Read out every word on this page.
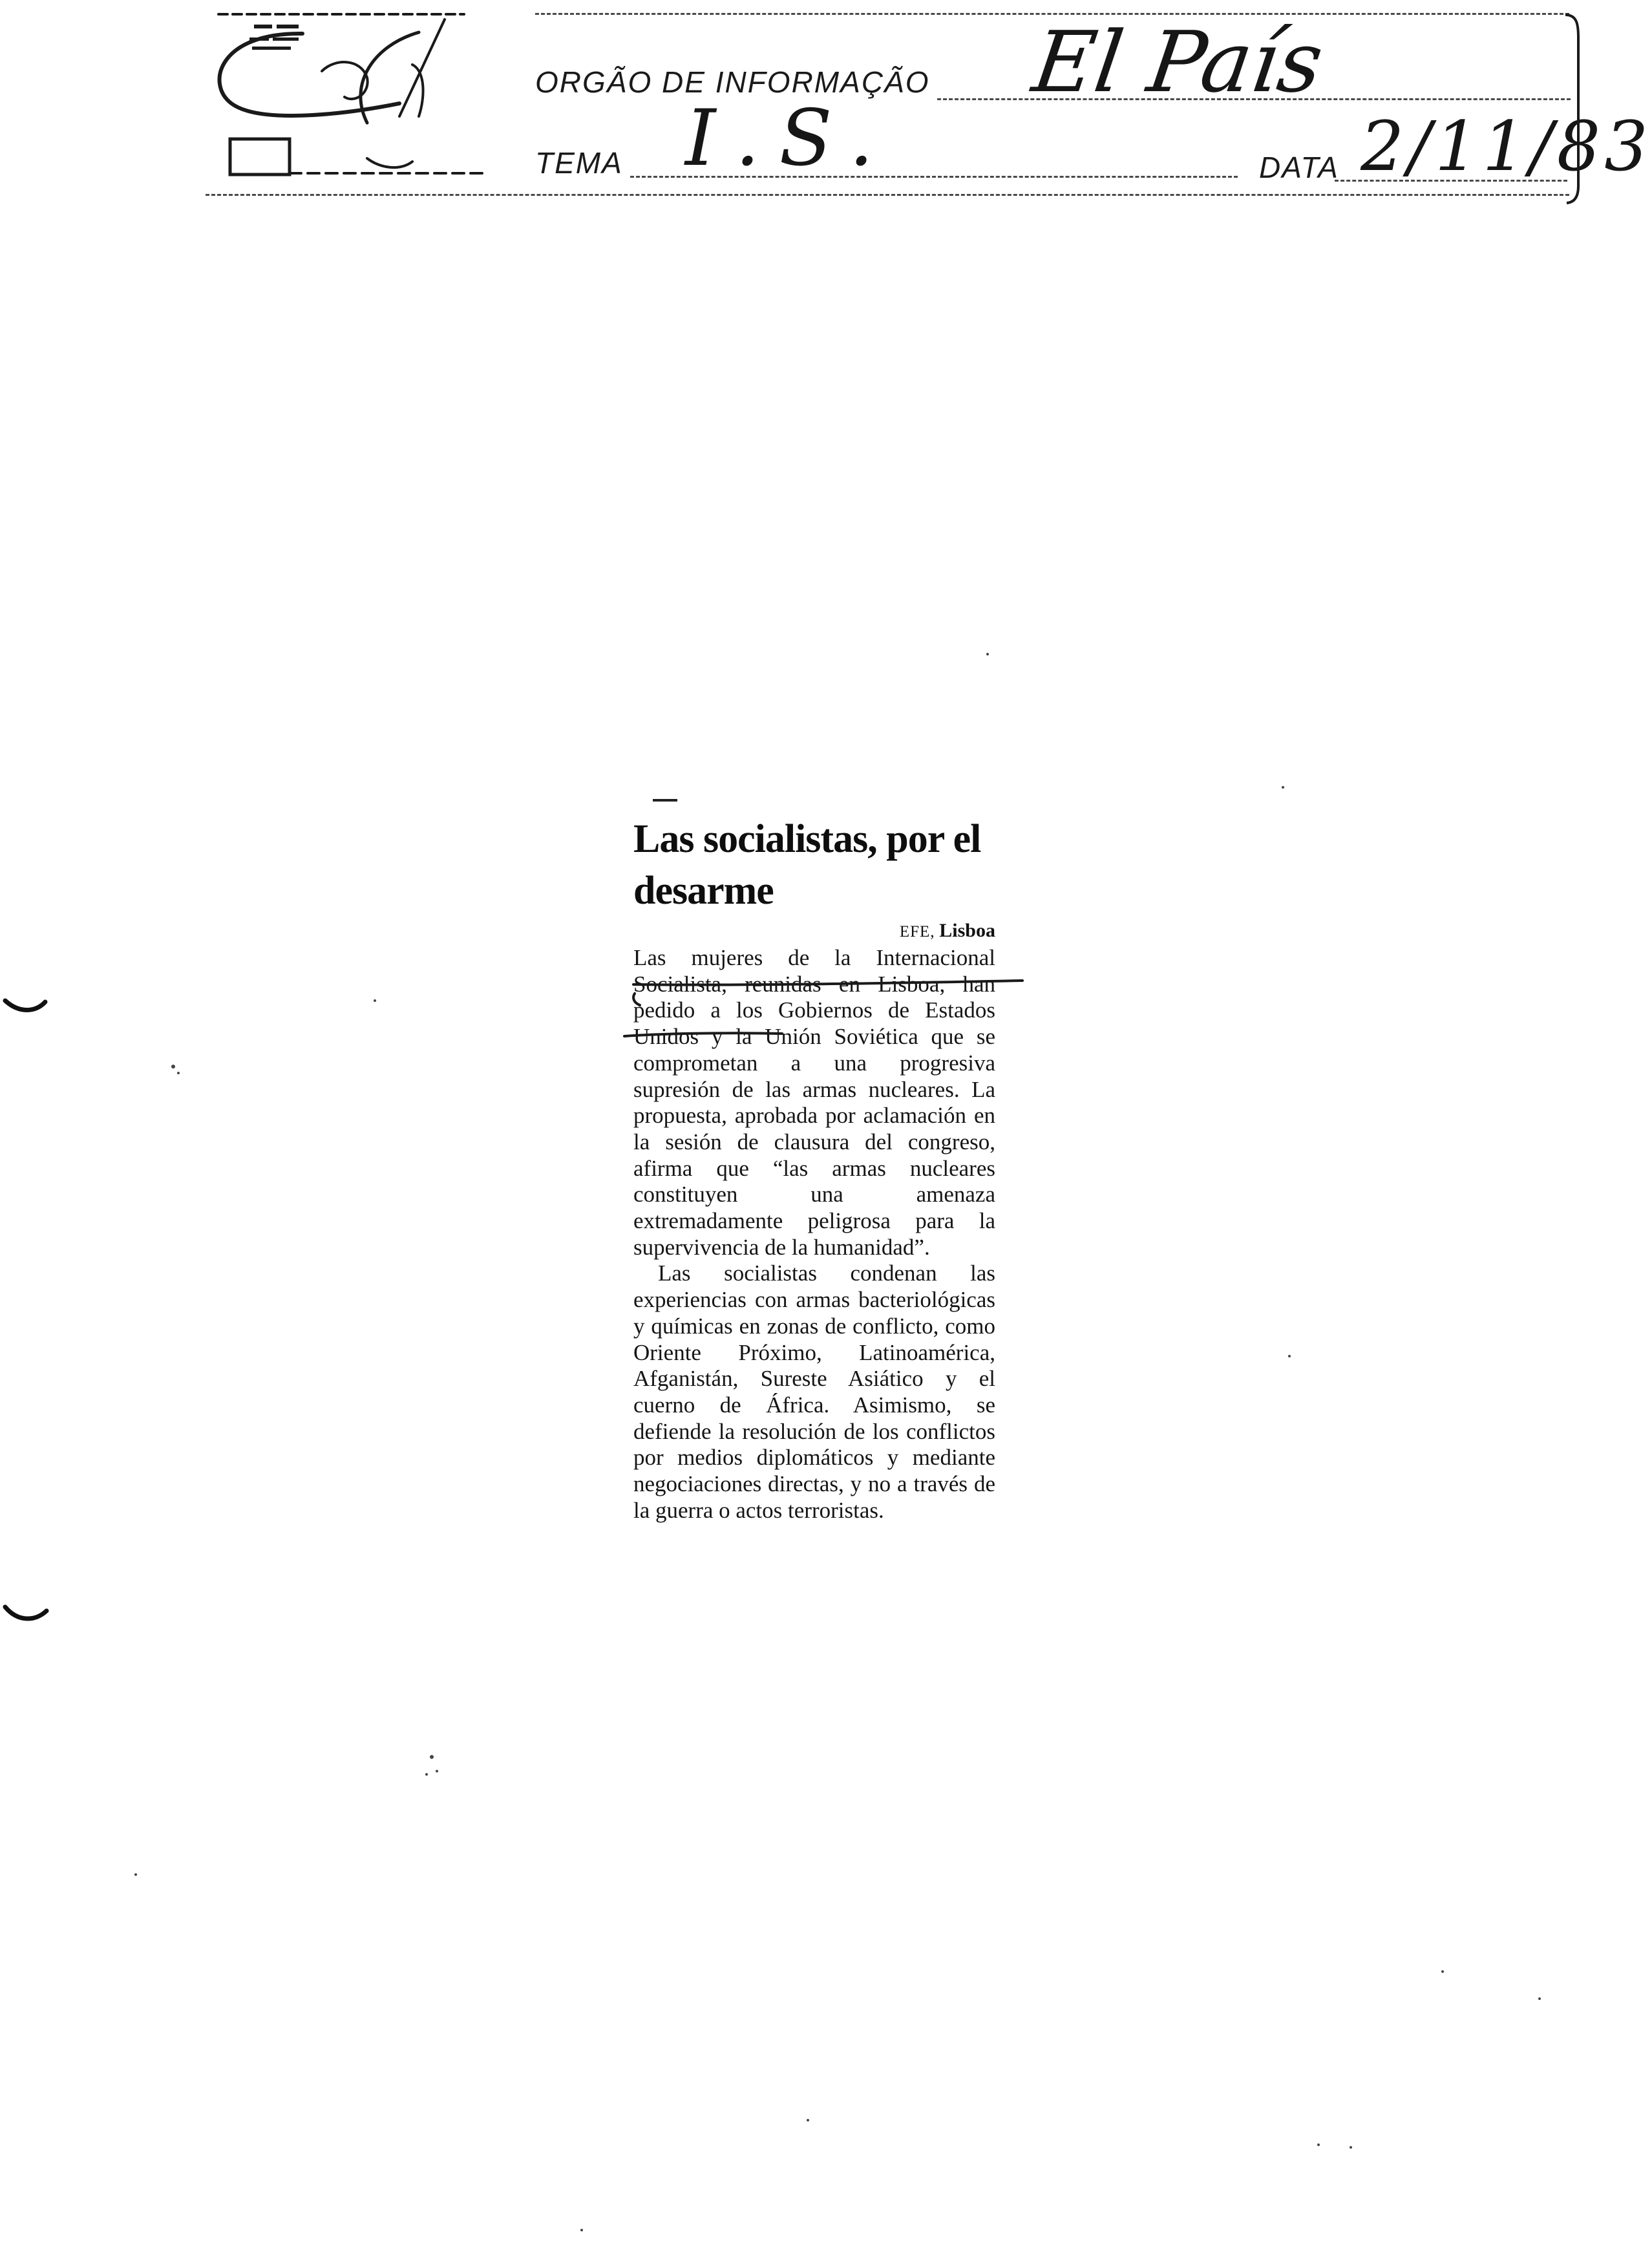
ORGÃO DE INFORMAÇÃO
TEMA	DATA
El País
I.S.	2/11/83
Las socialistas, por el desarme
EFE, Lisboa

Las mujeres de la Internacional Socialista, reunidas en Lisboa, han pedido a los Gobiernos de Estados Unidos y la Unión Soviética que se comprometan a una progresiva supresión de las armas nucleares. La propuesta, aprobada por aclamación en la sesión de clausura del congreso, afirma que “las armas nucleares constituyen una amenaza extremadamente peligrosa para la supervivencia de la humanidad”.

Las socialistas condenan las experiencias con armas bacteriológicas y químicas en zonas de conflicto, como Oriente Próximo, Latinoamérica, Afganistán, Sureste Asiático y el cuerno de África. Asimismo, se defiende la resolución de los conflictos por medios diplomáticos y mediante negociaciones directas, y no a través de la guerra o actos terroristas.
